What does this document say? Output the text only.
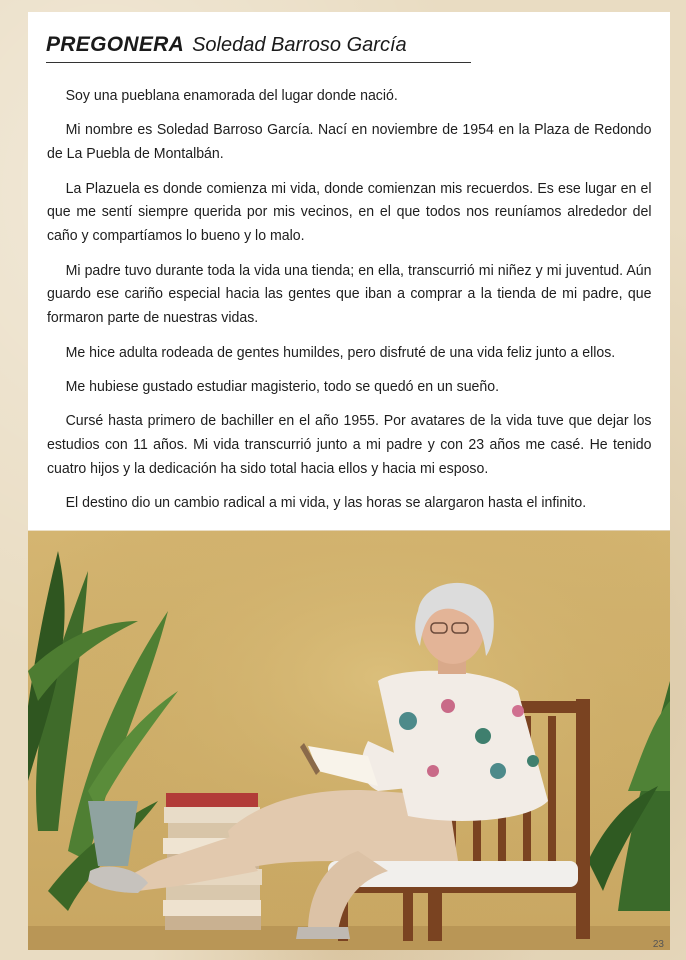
PREGONERA Soledad Barroso García

Soy una pueblana enamorada del lugar donde nació.

Mi nombre es Soledad Barroso García. Nací en noviembre de 1954 en la Plaza de Redondo de La Puebla de Montalbán.

La Plazuela es donde comienza mi vida, donde comienzan mis recuerdos. Es ese lugar en el que me sentí siempre querida por mis vecinos, en el que todos nos reuníamos alrededor del caño y compartíamos lo bueno y lo malo.

Mi padre tuvo durante toda la vida una tienda; en ella, transcurrió mi niñez y mi juventud. Aún guardo ese cariño especial hacia las gentes que iban a comprar a la tienda de mi padre, que formaron parte de nuestras vidas.

Me hice adulta rodeada de gentes humildes, pero disfruté de una vida feliz junto a ellos.

Me hubiese gustado estudiar magisterio, todo se quedó en un sueño.

Cursé hasta primero de bachiller en el año 1955. Por avatares de la vida tuve que dejar los estudios con 11 años. Mi vida transcurrió junto a mi padre y con 23 años me casé. He tenido cuatro hijos y la dedicación ha sido total hacia ellos y hacia mi esposo.

El destino dio un cambio radical a mi vida, y las horas se alargaron hasta el infinito.

23
